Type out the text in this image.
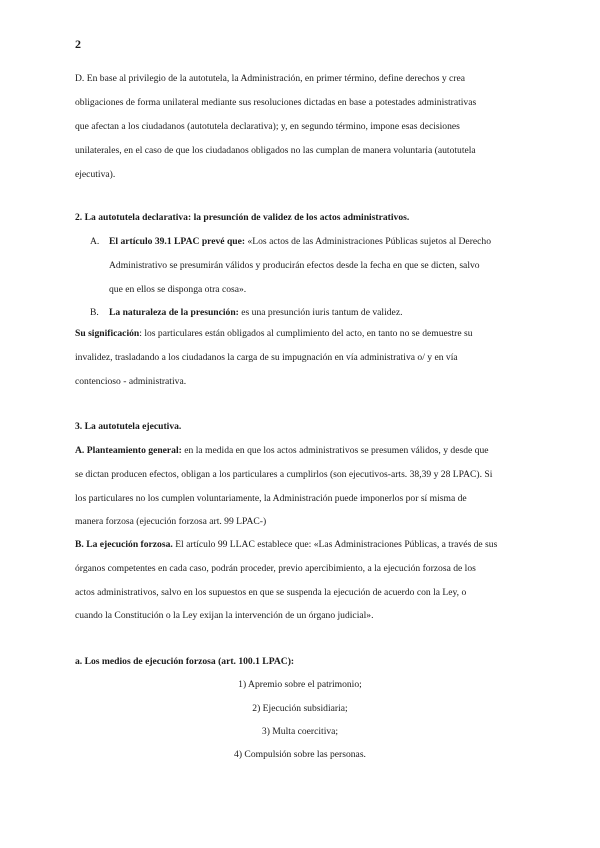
2
D. En base al privilegio de la autotutela, la Administración, en primer término, define derechos y crea
obligaciones de forma unilateral mediante sus resoluciones dictadas en base a potestades administrativas
que afectan a los ciudadanos (autotutela declarativa); y, en segundo término, impone esas decisiones
unilaterales, en el caso de que los ciudadanos obligados no las cumplan de manera voluntaria (autotutela
ejecutiva).
2. La autotutela declarativa: la presunción de validez de los actos administrativos.
A. El artículo 39.1 LPAC prevé que: «Los actos de las Administraciones Públicas sujetos al Derecho
Administrativo se presumirán válidos y producirán efectos desde la fecha en que se dicten, salvo
que en ellos se disponga otra cosa».
B. La naturaleza de la presunción: es una presunción iuris tantum de validez.
Su significación: los particulares están obligados al cumplimiento del acto, en tanto no se demuestre su
invalidez, trasladando a los ciudadanos la carga de su impugnación en vía administrativa o/ y en vía
contencioso - administrativa.
3. La autotutela ejecutiva.
A. Planteamiento general: en la medida en que los actos administrativos se presumen válidos, y desde que
se dictan producen efectos, obligan a los particulares a cumplirlos (son ejecutivos-arts. 38,39 y 28 LPAC). Si
los particulares no los cumplen voluntariamente, la Administración puede imponerlos por sí misma de
manera forzosa (ejecución forzosa art. 99 LPAC-)
B. La ejecución forzosa. El artículo 99 LLAC establece que: «Las Administraciones Públicas, a través de sus
órganos competentes en cada caso, podrán proceder, previo apercibimiento, a la ejecución forzosa de los
actos administrativos, salvo en los supuestos en que se suspenda la ejecución de acuerdo con la Ley, o
cuando la Constitución o la Ley exijan la intervención de un órgano judicial».
a. Los medios de ejecución forzosa (art. 100.1 LPAC):
1) Apremio sobre el patrimonio;
2) Ejecución subsidiaria;
3) Multa coercitiva;
4) Compulsión sobre las personas.
